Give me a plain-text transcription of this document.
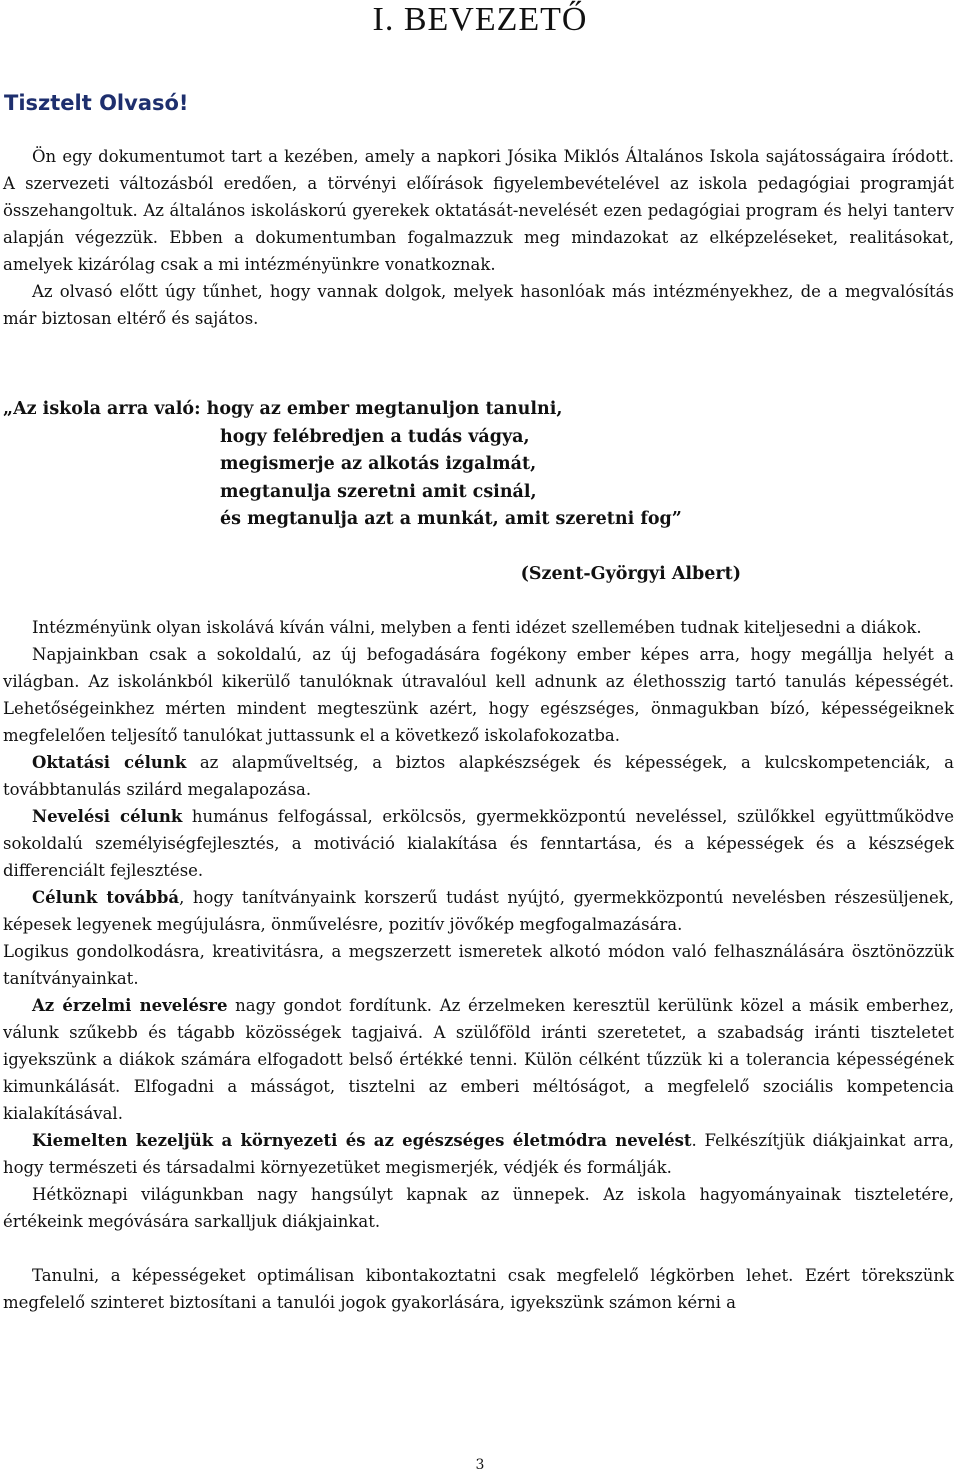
I. BEVEZETŐ
Tisztelt Olvasó!

Ön egy dokumentumot tart a kezében, amely a napkori Jósika Miklós Általános Iskola sajátosságaira íródott. A szervezeti változásból eredően, a törvényi előírások figyelembevételével az iskola pedagógiai programját összehangoltuk. Az általános iskoláskorú gyerekek oktatását-nevelését ezen pedagógiai program és helyi tanterv alapján végezzük. Ebben a dokumentumban fogalmazzuk meg mindazokat az elképzeléseket, realitásokat, amelyek kizárólag csak a mi intézményünkre vonatkoznak.

Az olvasó előtt úgy tűnhet, hogy vannak dolgok, melyek hasonlóak más intézményekhez, de a megvalósítás már biztosan eltérő és sajátos.

„Az iskola arra való: hogy az ember megtanuljon tanulni,
hogy felébredjen a tudás vágya,
megismerje az alkotás izgalmát,
megtanulja szeretni amit csinál,
és megtanulja azt a munkát, amit szeretni fog”
(Szent-Györgyi Albert)

Intézményünk olyan iskolává kíván válni, melyben a fenti idézet szellemében tudnak kiteljesedni a diákok.

Napjainkban csak a sokoldalú, az új befogadására fogékony ember képes arra, hogy megállja helyét a világban. Az iskolánkból kikerülő tanulóknak útravalóul kell adnunk az élethosszig tartó tanulás képességét. Lehetőségeinkhez mérten mindent megteszünk azért, hogy egészséges, önmagukban bízó, képességeiknek megfelelően teljesítő tanulókat juttassunk el a következő iskolafokozatba.

Oktatási célunk az alapműveltség, a biztos alapkészségek és képességek, a kulcskompetenciák, a továbbtanulás szilárd megalapozása.

Nevelési célunk humánus felfogással, erkölcsös, gyermekközpontú neveléssel, szülőkkel együttműködve sokoldalú személyiségfejlesztés, a motiváció kialakítása és fenntartása, és a képességek és a készségek differenciált fejlesztése.

Célunk továbbá, hogy tanítványaink korszerű tudást nyújtó, gyermekközpontú nevelésben részesüljenek, képesek legyenek megújulásra, önművelésre, pozitív jövőkép megfogalmazására.

Logikus gondolkodásra, kreativitásra, a megszerzett ismeretek alkotó módon való felhasználására ösztönözzük tanítványainkat.

Az érzelmi nevelésre nagy gondot fordítunk. Az érzelmeken keresztül kerülünk közel a másik emberhez, válunk szűkebb és tágabb közösségek tagjaivá. A szülőföld iránti szeretetet, a szabadság iránti tiszteletet igyekszünk a diákok számára elfogadott belső értékké tenni. Külön célként tűzzük ki a tolerancia képességének kimunkálását. Elfogadni a másságot, tisztelni az emberi méltóságot, a megfelelő szociális kompetencia kialakításával.

Kiemelten kezeljük a környezeti és az egészséges életmódra nevelést. Felkészítjük diákjainkat arra, hogy természeti és társadalmi környezetüket megismerjék, védjék és formálják.

Hétköznapi világunkban nagy hangsúlyt kapnak az ünnepek. Az iskola hagyományainak tiszteletére, értékeink megóvására sarkalljuk diákjainkat.

Tanulni, a képességeket optimálisan kibontakoztatni csak megfelelő légkörben lehet. Ezért törekszünk megfelelő szinteret biztosítani a tanulói jogok gyakorlására, igyekszünk számon kérni a

3
